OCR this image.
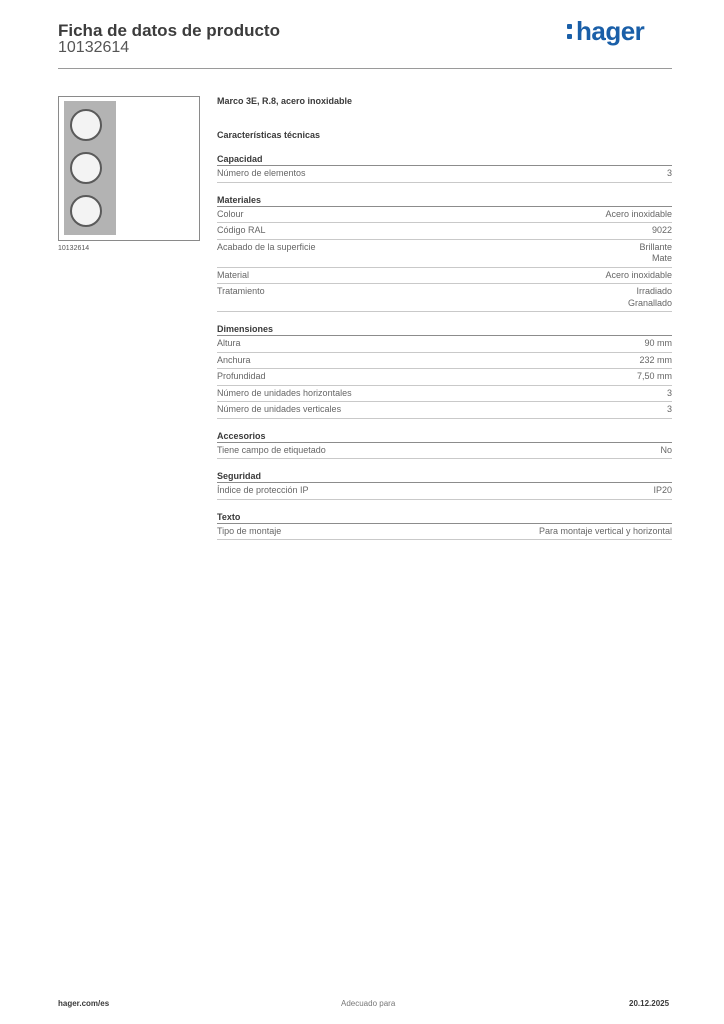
Ficha de datos de producto
10132614
hager
10132614
Marco 3E, R.8, acero inoxidable
Características técnicas
Capacidad
Número de elementos	3
Materiales
Colour	Acero inoxidable
Código RAL	9022
Acabado de la superficie	Brillante
Mate
Material	Acero inoxidable
Tratamiento	Irradiado
Granallado
Dimensiones
Altura	90 mm
Anchura	232 mm
Profundidad	7,50 mm
Número de unidades horizontales	3
Número de unidades verticales	3
Accesorios
Tiene campo de etiquetado	No
Seguridad
Índice de protección IP	IP20
Texto
Tipo de montaje	Para montaje vertical y horizontal
hager.com/es	Adecuado para	20.12.2025
